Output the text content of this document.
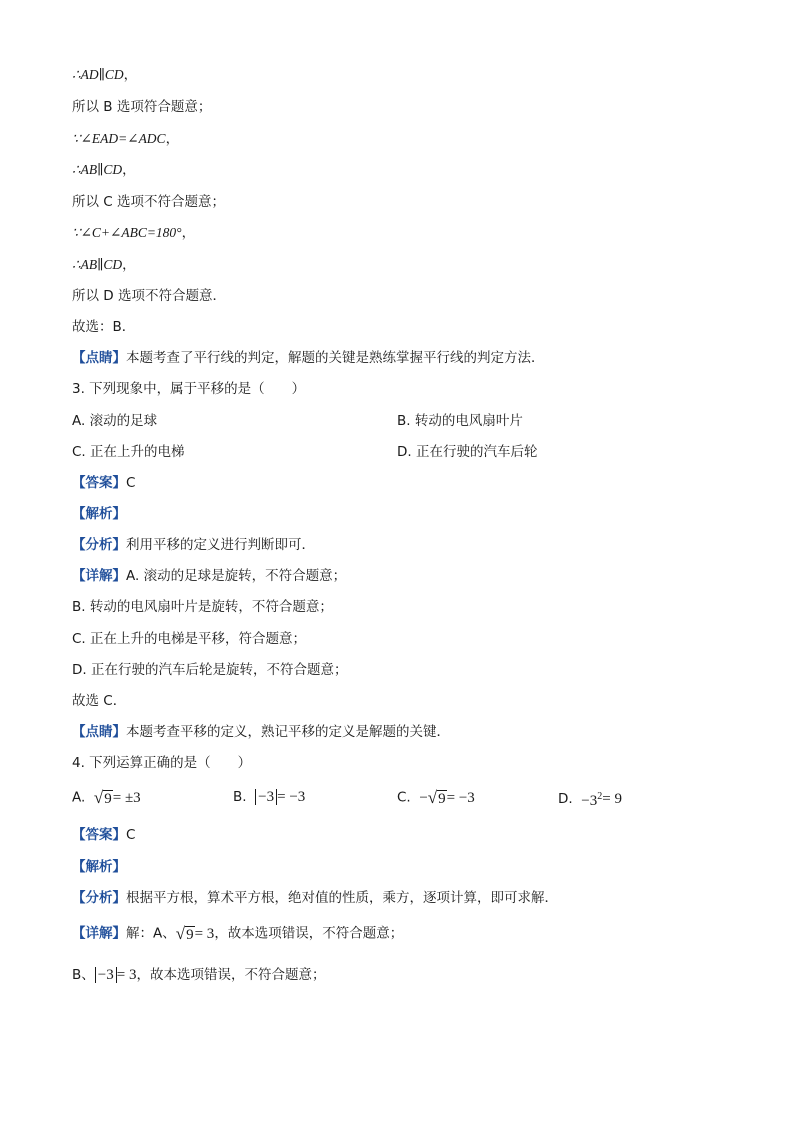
∴AD∥CD，
所以 B 选项符合题意；
∵∠EAD=∠ADC，
∴AB∥CD，
所以 C 选项不符合题意；
∵∠C+∠ABC=180°，
∴AB∥CD，
所以 D 选项不符合题意．
故选：B．
【点睛】本题考查了平行线的判定，解题的关键是熟练掌握平行线的判定方法．
3. 下列现象中，属于平移的是（　　）
A. 滚动的足球	B. 转动的电风扇叶片
C. 正在上升的电梯	D. 正在行驶的汽车后轮
【答案】C
【解析】
【分析】利用平移的定义进行判断即可．
【详解】A. 滚动的足球是旋转，不符合题意；
B. 转动的电风扇叶片是旋转，不符合题意；
C. 正在上升的电梯是平移，符合题意；
D. 正在行驶的汽车后轮是旋转，不符合题意；
故选 C．
【点睛】本题考查平移的定义，熟记平移的定义是解题的关键．
4. 下列运算正确的是（　　）
A. √ 9 = ±3	B. −3= −3	C. − √ 9 = −3	D. $-3^2= 9$
【答案】C
【解析】
【分析】根据平方根，算术平方根，绝对值的性质，乘方，逐项计算，即可求解．
【详解】解：A、 √ 9 = 3，故本选项错误，不符合题意；
B、 −3= 3，故本选项错误，不符合题意；
